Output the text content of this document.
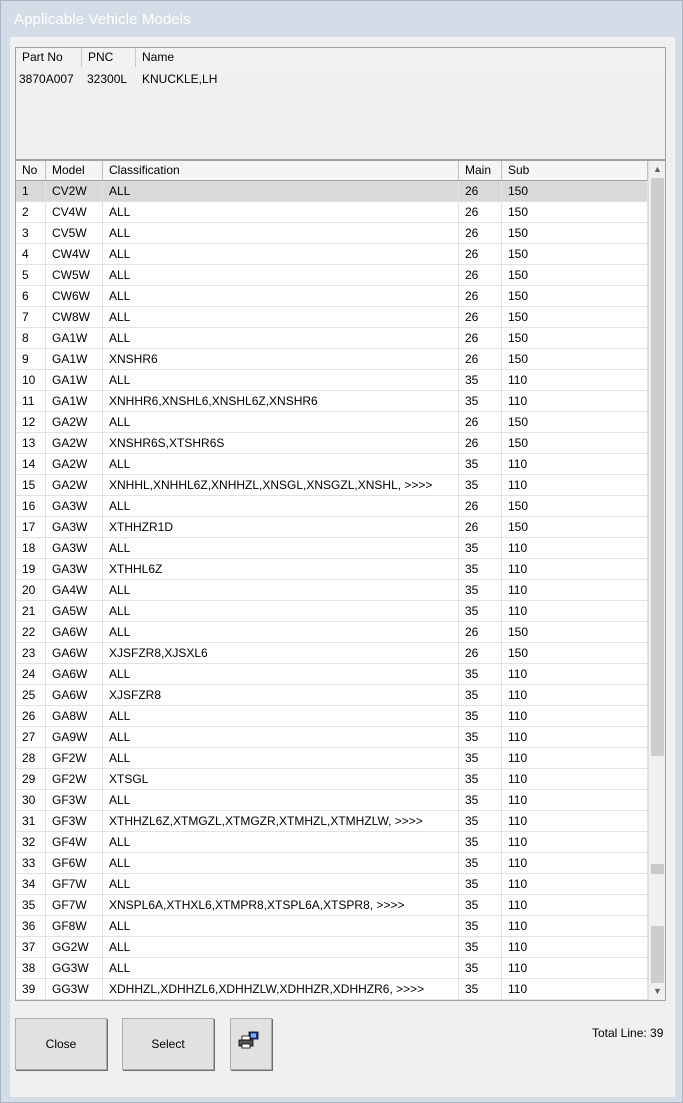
Applicable Vehicle Models
Part No	PNC	Name
3870A007 32300L KNUCKLE,LH
No	Model	Classification	Main	Sub
1	CV2W	ALL	26	150
2	CV4W	ALL	26	150
3	CV5W	ALL	26	150
4	CW4W	ALL	26	150
5	CW5W	ALL	26	150
6	CW6W	ALL	26	150
7	CW8W	ALL	26	150
8	GA1W	ALL	26	150
9	GA1W	XNSHR6	26	150
10	GA1W	ALL	35	110
11	GA1W	XNHHR6,XNSHL6,XNSHL6Z,XNSHR6	35	110
12	GA2W	ALL	26	150
13	GA2W	XNSHR6S,XTSHR6S	26	150
14	GA2W	ALL	35	110
15	GA2W	XNHHL,XNHHL6Z,XNHHZL,XNSGL,XNSGZL,XNSHL, >>>>	35	110
16	GA3W	ALL	26	150
17	GA3W	XTHHZR1D	26	150
18	GA3W	ALL	35	110
19	GA3W	XTHHL6Z	35	110
20	GA4W	ALL	35	110
21	GA5W	ALL	35	110
22	GA6W	ALL	26	150
23	GA6W	XJSFZR8,XJSXL6	26	150
24	GA6W	ALL	35	110
25	GA6W	XJSFZR8	35	110
26	GA8W	ALL	35	110
27	GA9W	ALL	35	110
28	GF2W	ALL	35	110
29	GF2W	XTSGL	35	110
30	GF3W	ALL	35	110
31	GF3W	XTHHZL6Z,XTMGZL,XTMGZR,XTMHZL,XTMHZLW, >>>>	35	110
32	GF4W	ALL	35	110
33	GF6W	ALL	35	110
34	GF7W	ALL	35	110
35	GF7W	XNSPL6A,XTHXL6,XTMPR8,XTSPL6A,XTSPR8, >>>>	35	110
36	GF8W	ALL	35	110
37	GG2W	ALL	35	110
38	GG3W	ALL	35	110
39	GG3W	XDHHZL,XDHHZL6,XDHHZLW,XDHHZR,XDHHZR6, >>>>	35	110
▲
▼
Close	Select
Total Line: 39
